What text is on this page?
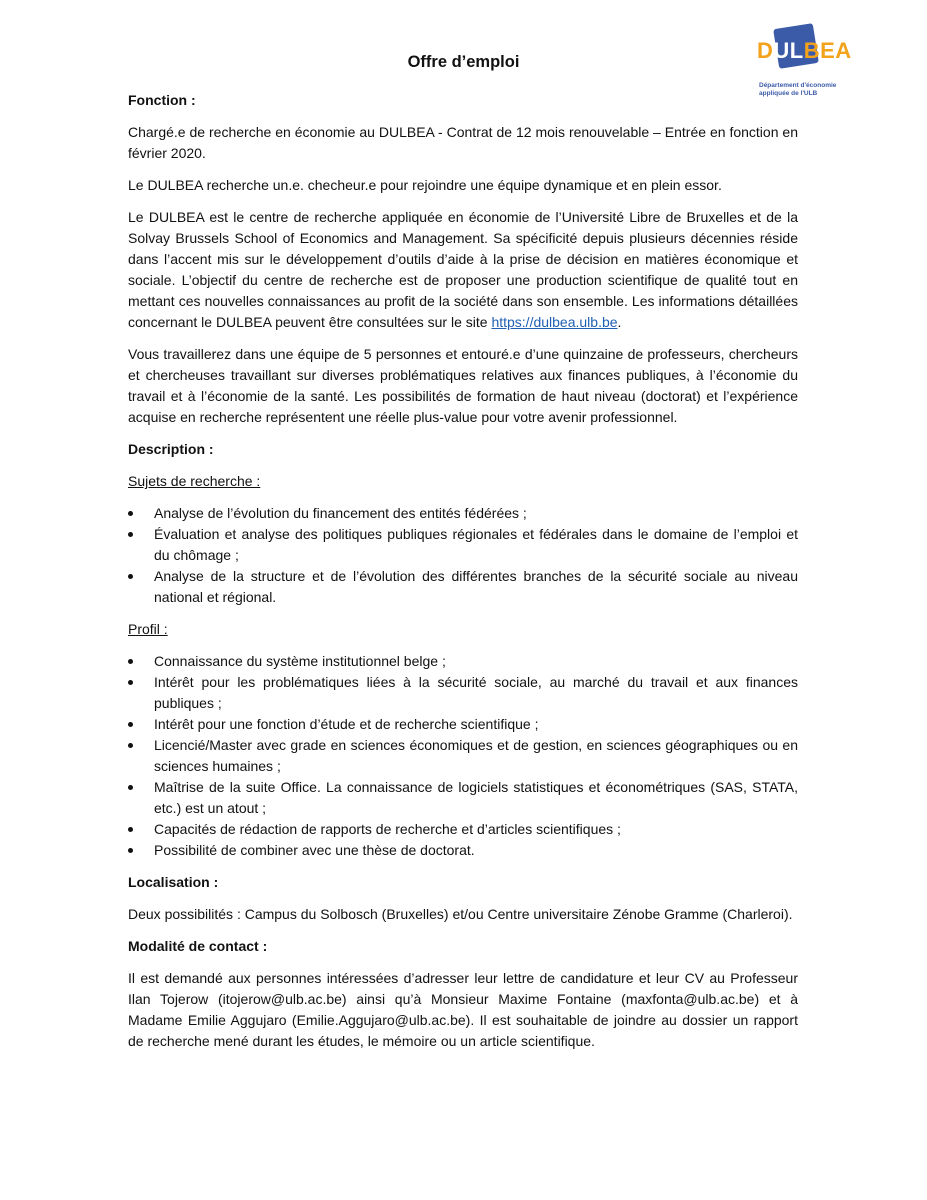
DULBEA
Département d'économie
appliquée de l'ULB
Offre d’emploi
Fonction :

Chargé.e de recherche en économie au DULBEA - Contrat de 12 mois renouvelable – Entrée en fonction en février 2020.

Le DULBEA recherche un.e. checheur.e pour rejoindre une équipe dynamique et en plein essor.

Le DULBEA est le centre de recherche appliquée en économie de l’Université Libre de Bruxelles et de la Solvay Brussels School of Economics and Management. Sa spécificité depuis plusieurs décennies réside dans l’accent mis sur le développement d’outils d’aide à la prise de décision en matières économique et sociale. L’objectif du centre de recherche est de proposer une production scientifique de qualité tout en mettant ces nouvelles connaissances au profit de la société dans son ensemble. Les informations détaillées concernant le DULBEA peuvent être consultées sur le site https://dulbea.ulb.be.

Vous travaillerez dans une équipe de 5 personnes et entouré.e d’une quinzaine de professeurs, chercheurs et chercheuses travaillant sur diverses problématiques relatives aux finances publiques, à l’économie du travail et à l’économie de la santé. Les possibilités de formation de haut niveau (doctorat) et l’expérience acquise en recherche représentent une réelle plus-value pour votre avenir professionnel.

Description :
Sujets de recherche :
Analyse de l’évolution du financement des entités fédérées ;
Évaluation et analyse des politiques publiques régionales et fédérales dans le domaine de l’emploi et du chômage ;
Analyse de la structure et de l’évolution des différentes branches de la sécurité sociale au niveau national et régional.
Profil :
Connaissance du système institutionnel belge ;
Intérêt pour les problématiques liées à la sécurité sociale, au marché du travail et aux finances publiques ;
Intérêt pour une fonction d’étude et de recherche scientifique ;
Licencié/Master avec grade en sciences économiques et de gestion, en sciences géographiques ou en sciences humaines ;
Maîtrise de la suite Office. La connaissance de logiciels statistiques et économétriques (SAS, STATA, etc.) est un atout ;
Capacités de rédaction de rapports de recherche et d’articles scientifiques ;
Possibilité de combiner avec une thèse de doctorat.
Localisation :

Deux possibilités : Campus du Solbosch (Bruxelles) et/ou Centre universitaire Zénobe Gramme (Charleroi).

Modalité de contact :

Il est demandé aux personnes intéressées d’adresser leur lettre de candidature et leur CV au Professeur Ilan Tojerow (itojerow@ulb.ac.be) ainsi qu’à Monsieur Maxime Fontaine (maxfonta@ulb.ac.be) et à Madame Emilie Aggujaro (Emilie.Aggujaro@ulb.ac.be). Il est souhaitable de joindre au dossier un rapport de recherche mené durant les études, le mémoire ou un article scientifique.
